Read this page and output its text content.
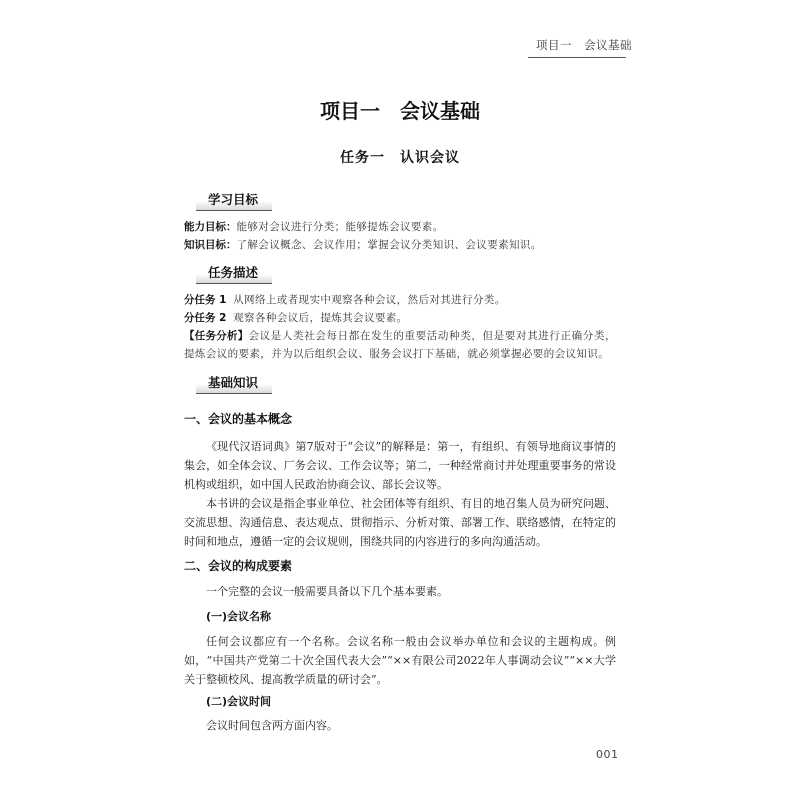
项目一　会议基础
项目一　会议基础
任务一　认识会议
学习目标
能力目标：能够对会议进行分类；能够提炼会议要素。
知识目标：了解会议概念、会议作用；掌握会议分类知识、会议要素知识。
任务描述
分任务 1 从网络上或者现实中观察各种会议，然后对其进行分类。
分任务 2 观察各种会议后，提炼其会议要素。
【任务分析】会议是人类社会每日都在发生的重要活动种类，但是要对其进行正确分类，提炼会议的要素，并为以后组织会议、服务会议打下基础，就必须掌握必要的会议知识。
基础知识
一、会议的基本概念

《现代汉语词典》第7版对于“会议”的解释是：第一，有组织、有领导地商议事情的集会，如全体会议、厂务会议、工作会议等；第二，一种经常商讨并处理重要事务的常设机构或组织，如中国人民政治协商会议、部长会议等。

本书讲的会议是指企事业单位、社会团体等有组织、有目的地召集人员为研究问题、交流思想、沟通信息、表达观点、贯彻指示、分析对策、部署工作、联络感情，在特定的时间和地点，遵循一定的会议规则，围绕共同的内容进行的多向沟通活动。

二、会议的构成要素

一个完整的会议一般需要具备以下几个基本要素。

(一)会议名称

任何会议都应有一个名称。会议名称一般由会议举办单位和会议的主题构成。例如，“中国共产党第二十次全国代表大会”“××有限公司2022年人事调动会议”“××大学关于整顿校风、提高教学质量的研讨会”。

(二)会议时间

会议时间包含两方面内容。

001
